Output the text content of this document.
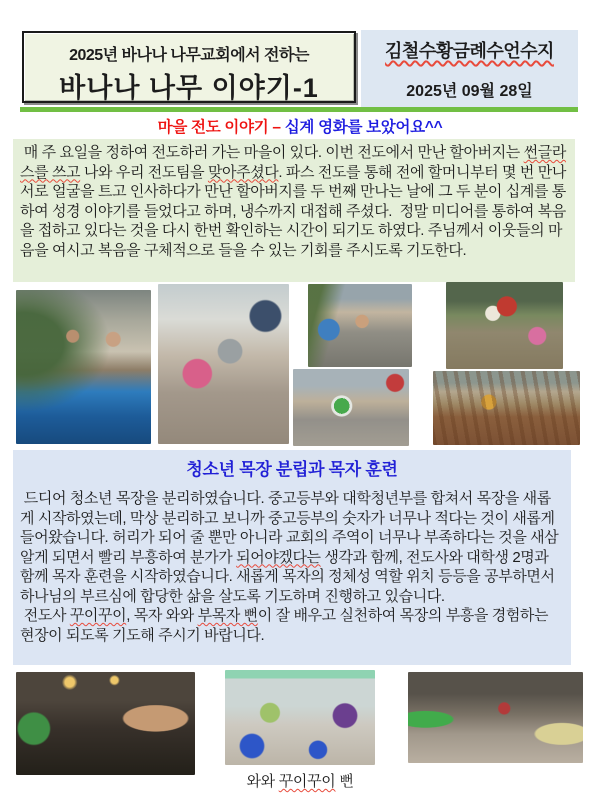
2025년 바나나 나무교회에서 전하는
바나나 나무 이야기-1
김철수황금례수언수지
2025년 09월 28일
마을 전도 이야기 – 십계 영화를 보았어요^^
매 주 요일을 정하여 전도하러 가는 마을이 있다. 이번 전도에서 만난 할아버지는 썬글라스를 쓰고 나와 우리 전도팀을 맞아주셨다. 파스 전도를 통해 전에 할머니부터 몇 번 만나 서로 얼굴을 트고 인사하다가 만난 할아버지를 두 번째 만나는 날에 그 두 분이 십계를 통하여 성경 이야기를 들었다고 하며, 냉수까지 대접해 주셨다.  정말 미디어를 통하여 복음을 접하고 있다는 것을 다시 한번 확인하는 시간이 되기도 하였다. 주님께서 이웃들의 마음을 여시고 복음을 구체적으로 들을 수 있는 기회를 주시도록 기도한다.
청소년 목장 분립과 목자 훈련
드디어 청소년 목장을 분리하였습니다. 중고등부와 대학청년부를 합쳐서 목장을 새롭게 시작하였는데, 막상 분리하고 보니까 중고등부의 숫자가 너무나 적다는 것이 새롭게 들어왔습니다. 허리가 되어 줄 뿐만 아니라 교회의 주역이 너무나 부족하다는 것을 새삼 알게 되면서 빨리 부흥하여 분가가 되어야겠다는 생각과 함께, 전도사와 대학생 2명과 함께 목자 훈련을 시작하였습니다. 새롭게 목자의 정체성 역할 위치 등등을 공부하면서 하나님의 부르심에 합당한 삶을 살도록 기도하며 진행하고 있습니다.
전도사 꾸이꾸이, 목자 와와 부목자 뻔이 잘 배우고 실천하여 목장의 부흥을 경험하는 현장이 되도록 기도해 주시기 바랍니다.
와와 꾸이꾸이 뻔
